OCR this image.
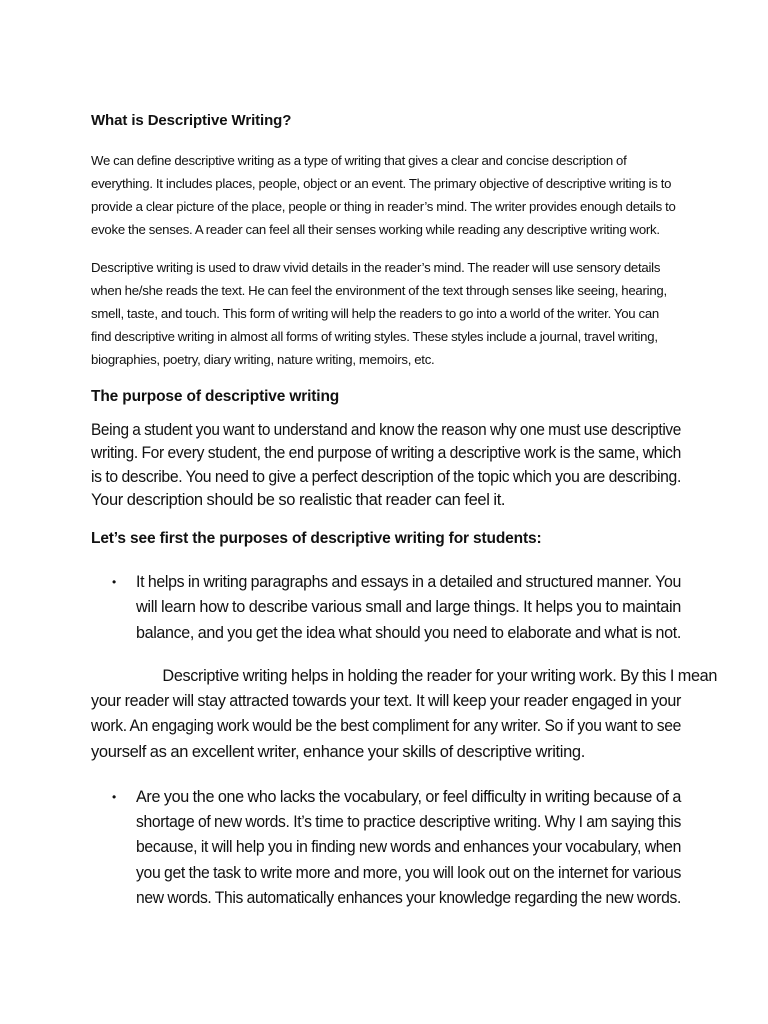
What is Descriptive Writing?

We can define descriptive writing as a type of writing that gives a clear and concise description of
everything. It includes places, people, object or an event. The primary objective of descriptive writing is to
provide a clear picture of the place, people or thing in reader’s mind. The writer provides enough details to
evoke the senses. A reader can feel all their senses working while reading any descriptive writing work.

Descriptive writing is used to draw vivid details in the reader’s mind. The reader will use sensory details
when he/she reads the text. He can feel the environment of the text through senses like seeing, hearing,
smell, taste, and touch. This form of writing will help the readers to go into a world of the writer. You can
find descriptive writing in almost all forms of writing styles. These styles include a journal, travel writing,
biographies, poetry, diary writing, nature writing, memoirs, etc.

The purpose of descriptive writing

Being a student you want to understand and know the reason why one must use descriptive
writing. For every student, the end purpose of writing a descriptive work is the same, which
is to describe. You need to give a perfect description of the topic which you are describing.
Your description should be so realistic that reader can feel it.

Let’s see first the purposes of descriptive writing for students:
• It helps in writing paragraphs and essays in a detailed and structured manner. You
will learn how to describe various small and large things. It helps you to maintain
balance, and you get the idea what should you need to elaborate and what is not.
Descriptive writing helps in holding the reader for your writing work. By this I mean
your reader will stay attracted towards your text. It will keep your reader engaged in your
work. An engaging work would be the best compliment for any writer. So if you want to see
yourself as an excellent writer, enhance your skills of descriptive writing.
• Are you the one who lacks the vocabulary, or feel difficulty in writing because of a
shortage of new words. It’s time to practice descriptive writing. Why I am saying this
because, it will help you in finding new words and enhances your vocabulary, when
you get the task to write more and more, you will look out on the internet for various
new words. This automatically enhances your knowledge regarding the new words.
